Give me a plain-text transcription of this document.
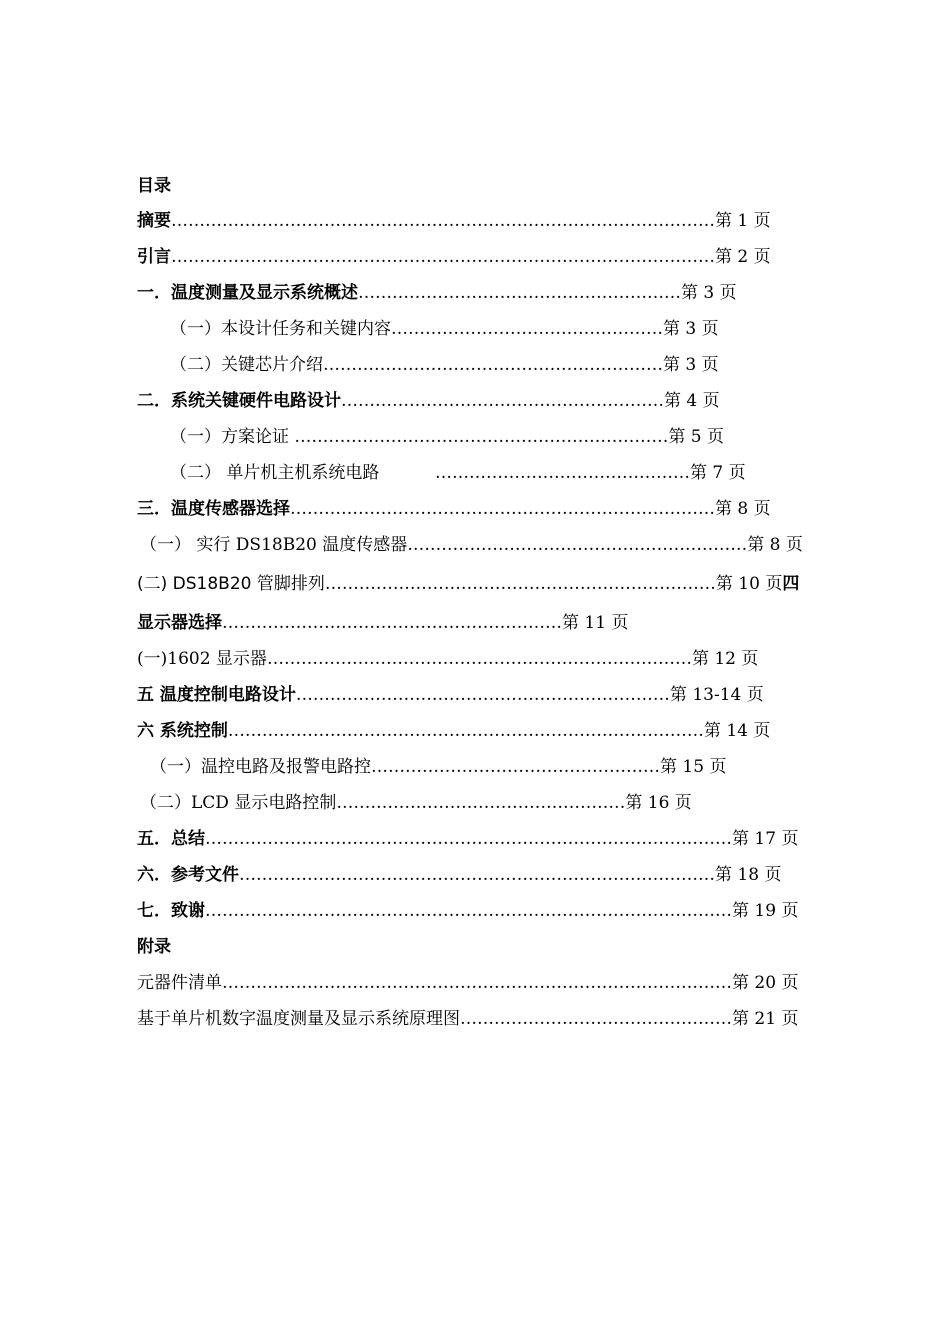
目录
摘要……………………………………………………………………………………第 1 页
引言……………………………………………………………………………………第 2 页
一．温度测量及显示系统概述…………………………………………………第 3 页
（一）本设计任务和关键内容…………………………………………第 3 页
（二）关键芯片介绍……………………………………………………第 3 页
二．系统关键硬件电路设计…………………………………………………第 4 页
（一）方案论证 …………………………………………………………第 5 页
（二） 单片机主机系统电路	………………………………………第 7 页
三．温度传感器选择…………………………………………………………………第 8 页
（一） 实行 DS18B20 温度传感器……………………………………………………第 8 页
(二) DS18B20 管脚排列……………………………………………………………第 10 页四
显示器选择……………………………………………………第 11 页
(一)1602 显示器…………………………………………………………………第 12 页
五 温度控制电路设计…………………………………………………………第 13-14 页
六 系统控制…………………………………………………………………………第 14 页
（一）温控电路及报警电路控……………………………………………第 15 页
（二）LCD 显示电路控制……………………………………………第 16 页
五．总结…………………………………………………………………………………第 17 页
六．参考文件…………………………………………………………………………第 18 页
七．致谢…………………………………………………………………………………第 19 页
附录
元器件清单………………………………………………………………………………第 20 页
基于单片机数字温度测量及显示系统原理图…………………………………………第 21 页
